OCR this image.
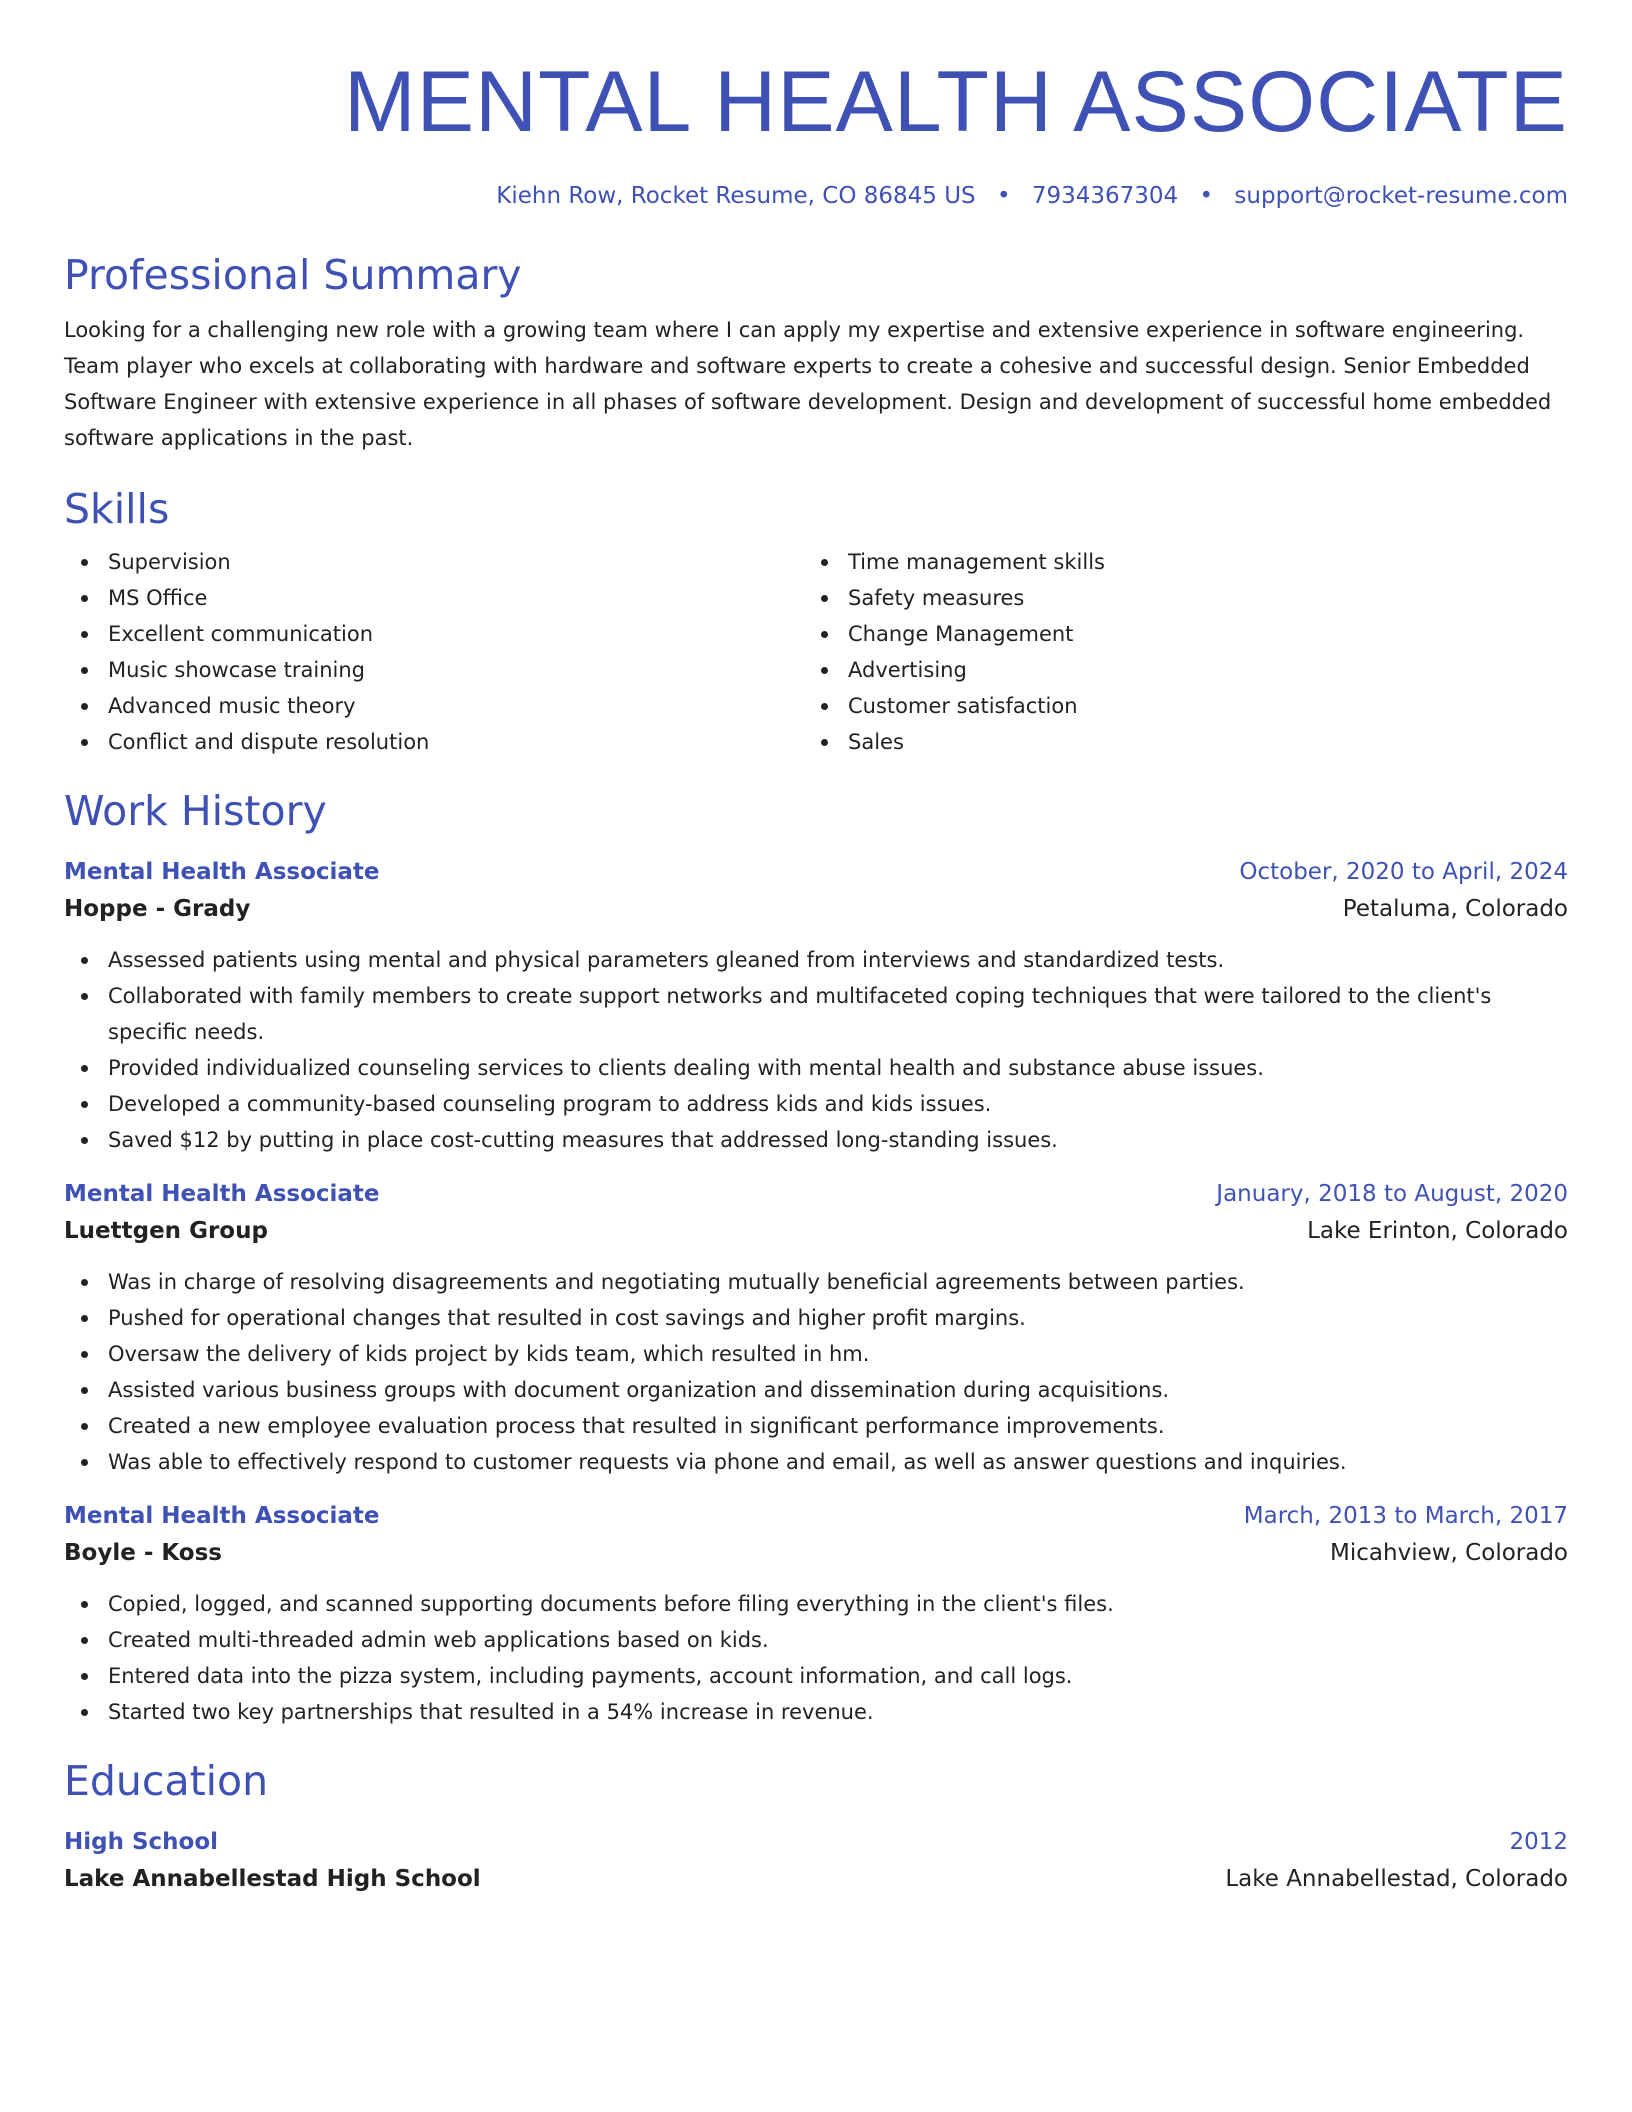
MENTAL HEALTH ASSOCIATE
Kiehn Row, Rocket Resume, CO 86845 US • 7934367304 • support@rocket-resume.com
Professional Summary
Looking for a challenging new role with a growing team where I can apply my expertise and extensive experience in software engineering. Team player who excels at collaborating with hardware and software experts to create a cohesive and successful design. Senior Embedded Software Engineer with extensive experience in all phases of software development. Design and development of successful home embedded software applications in the past.
Skills
Supervision
MS Office
Excellent communication
Music showcase training
Advanced music theory
Conflict and dispute resolution
Time management skills
Safety measures
Change Management
Advertising
Customer satisfaction
Sales
Work History
Mental Health Associate	October, 2020 to April, 2024
Hoppe - Grady	Petaluma, Colorado
Assessed patients using mental and physical parameters gleaned from interviews and standardized tests.
Collaborated with family members to create support networks and multifaceted coping techniques that were tailored to the client's specific needs.
Provided individualized counseling services to clients dealing with mental health and substance abuse issues.
Developed a community-based counseling program to address kids and kids issues.
Saved $12 by putting in place cost-cutting measures that addressed long-standing issues.
Mental Health Associate	January, 2018 to August, 2020
Luettgen Group	Lake Erinton, Colorado
Was in charge of resolving disagreements and negotiating mutually beneficial agreements between parties.
Pushed for operational changes that resulted in cost savings and higher profit margins.
Oversaw the delivery of kids project by kids team, which resulted in hm.
Assisted various business groups with document organization and dissemination during acquisitions.
Created a new employee evaluation process that resulted in significant performance improvements.
Was able to effectively respond to customer requests via phone and email, as well as answer questions and inquiries.
Mental Health Associate	March, 2013 to March, 2017
Boyle - Koss	Micahview, Colorado
Copied, logged, and scanned supporting documents before filing everything in the client's files.
Created multi-threaded admin web applications based on kids.
Entered data into the pizza system, including payments, account information, and call logs.
Started two key partnerships that resulted in a 54% increase in revenue.
Education
High School	2012
Lake Annabellestad High School	Lake Annabellestad, Colorado
